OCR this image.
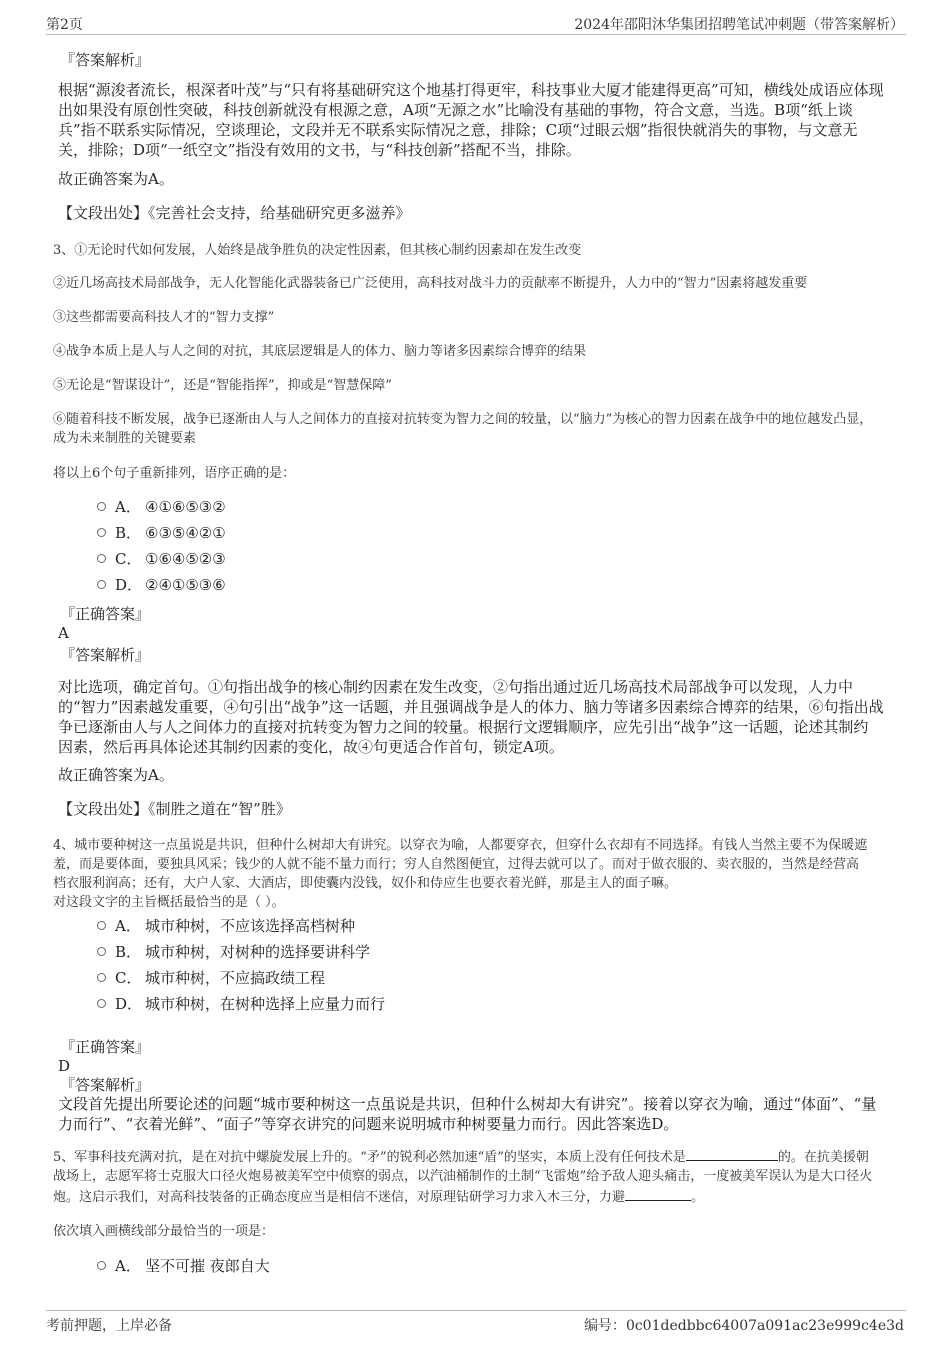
第2页	2024年邵阳沐华集团招聘笔试冲刺题（带答案解析）
『答案解析』

根据“源浚者流长，根深者叶茂”与“只有将基础研究这个地基打得更牢，科技事业大厦才能建得更高”可知，横线处成语应体现

出如果没有原创性突破，科技创新就没有根源之意，A项“无源之水”比喻没有基础的事物，符合文意，当选。B项“纸上谈

兵”指不联系实际情况，空谈理论，文段并无不联系实际情况之意，排除；C项“过眼云烟”指很快就消失的事物，与文意无

关，排除；D项“一纸空文”指没有效用的文书，与“科技创新”搭配不当，排除。

故正确答案为A。
【文段出处】《完善社会支持，给基础研究更多滋养》
3、①无论时代如何发展，人始终是战争胜负的决定性因素，但其核心制约因素却在发生改变
②近几场高技术局部战争，无人化智能化武器装备已广泛使用，高科技对战斗力的贡献率不断提升，人力中的“智力”因素将越发重要
③这些都需要高科技人才的“智力支撑”
④战争本质上是人与人之间的对抗，其底层逻辑是人的体力、脑力等诸多因素综合博弈的结果
⑤无论是“智谋设计”，还是“智能指挥”，抑或是“智慧保障”

⑥随着科技不断发展，战争已逐渐由人与人之间体力的直接对抗转变为智力之间的较量，以“脑力”为核心的智力因素在战争中的地位越发凸显，

成为未来制胜的关键要素

将以上6个句子重新排列，语序正确的是：
A． ④①⑥⑤③②
B． ⑥③⑤④②①
C． ①⑥④⑤②③
D． ②④①⑤③⑥
『正确答案』
A
『答案解析』

对比选项，确定首句。①句指出战争的核心制约因素在发生改变，②句指出通过近几场高技术局部战争可以发现，人力中

的“智力”因素越发重要，④句引出“战争”这一话题，并且强调战争是人的体力、脑力等诸多因素综合博弈的结果，⑥句指出战

争已逐渐由人与人之间体力的直接对抗转变为智力之间的较量。根据行文逻辑顺序，应先引出“战争”这一话题，论述其制约

因素，然后再具体论述其制约因素的变化，故④句更适合作首句，锁定A项。

故正确答案为A。
【文段出处】《制胜之道在“智”胜》

4、城市要种树这一点虽说是共识，但种什么树却大有讲究。以穿衣为喻，人都要穿衣，但穿什么衣却有不同选择。有钱人当然主要不为保暖遮

羞，而是要体面，要独具风采；钱少的人就不能不量力而行；穷人自然图便宜，过得去就可以了。而对于做衣服的、卖衣服的，当然是经营高

档衣服利润高；还有，大户人家、大酒店，即使囊内没钱，奴仆和侍应生也要衣着光鲜，那是主人的面子嘛。

对这段文字的主旨概括最恰当的是（ ）。

A． 城市种树，不应该选择高档树种
B． 城市种树，对树种的选择要讲科学
C． 城市种树，不应搞政绩工程
D． 城市种树，在树种选择上应量力而行
『正确答案』
D
『答案解析』

文段首先提出所要论述的问题“城市要种树这一点虽说是共识，但种什么树却大有讲究”。接着以穿衣为喻，通过“体面”、“量

力而行”、“衣着光鲜”、“面子”等穿衣讲究的问题来说明城市种树要量力而行。因此答案选D。

5、军事科技充满对抗，是在对抗中螺旋发展上升的。“矛”的锐利必然加速“盾”的坚实，本质上没有任何技术是	的。在抗美援朝

战场上，志愿军将士克服大口径火炮易被美军空中侦察的弱点，以汽油桶制作的土制“飞雷炮”给予敌人迎头痛击，一度被美军误认为是大口径火

炮。这启示我们，对高科技装备的正确态度应当是相信不迷信，对原理钻研学习力求入木三分，力避	。

依次填入画横线部分最恰当的一项是：
A． 坚不可摧 夜郎自大
考前押题，上岸必备	编号：0c01dedbbc64007a091ac23e999c4e3d
